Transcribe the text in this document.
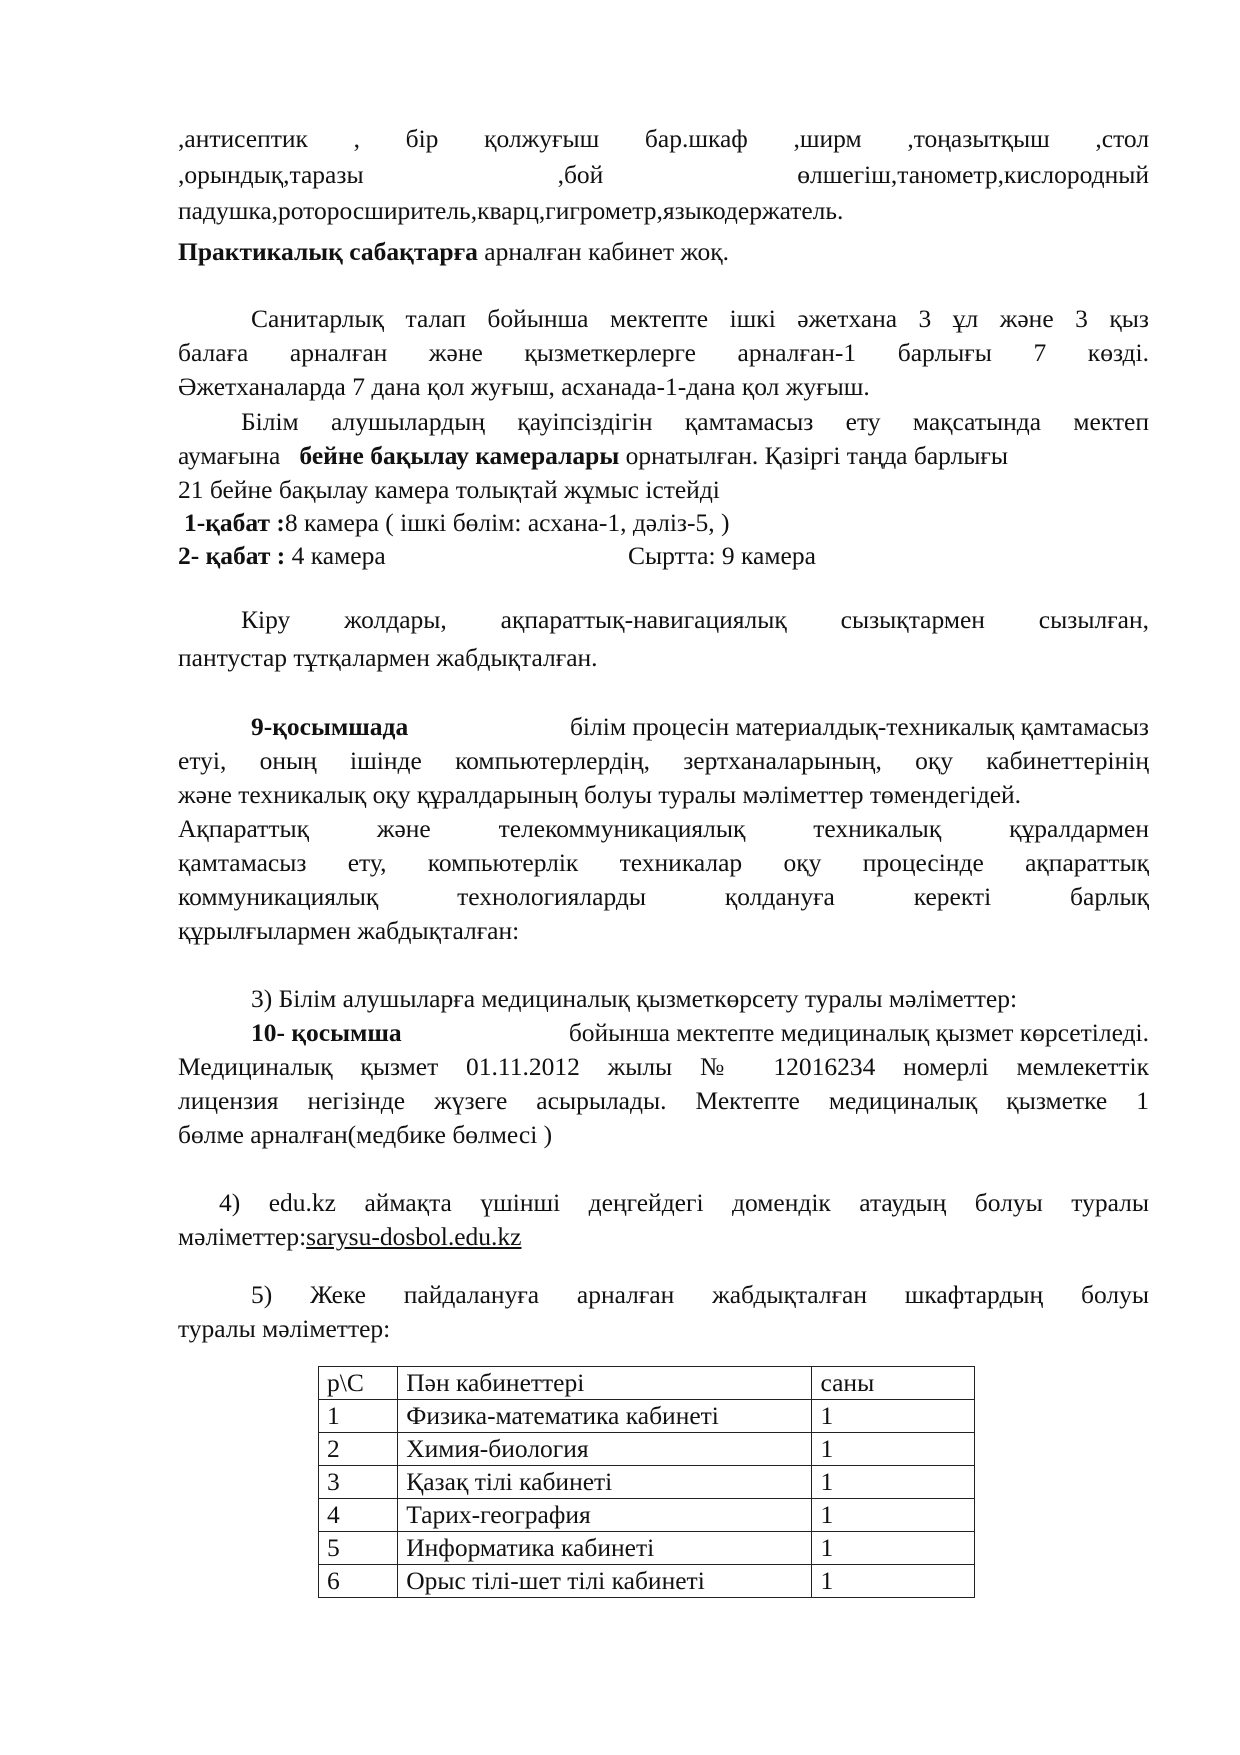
,антисептик , бір қолжуғыш бар.шкаф ,ширм ,тоңазытқыш ,стол
,орындық,таразы	,бой	өлшегіш,танометр,кислородный
падушка,роторосширитель,кварц,гигрометр,языкодержатель.
Практикалық сабақтарға арналған кабинет жоқ.
Санитарлық талап бойынша мектепте ішкі әжетхана 3 ұл және 3 қыз
балаға арналған және қызметкерлерге арналған-1 барлығы 7 көзді.
Әжетханаларда 7 дана қол жуғыш, асханада-1-дана қол жуғыш.
Білім алушылардың қауіпсіздігін қамтамасыз ету мақсатында мектеп
аумағына бейне бақылау камералары орнатылған. Қазіргі таңда барлығы
21 бейне бақылау камера толықтай жұмыс істейді
1-қабат :8 камера ( ішкі бөлім: асхана-1, дәліз-5, )
2- қабат : 4 камера	Сыртта: 9 камера
Кіру жолдары, ақпараттық-навигациялық сызықтармен сызылған,
пантустар тұтқалармен жабдықталған.
9-қосымшада	білім процесін материалдық-техникалық қамтамасыз
етуі, оның ішінде компьютерлердің, зертханаларының, оқу кабинеттерінің
және техникалық оқу құралдарының болуы туралы мәліметтер төмендегідей.
Ақпараттық және телекоммуникациялық техникалық құралдармен
қамтамасыз ету, компьютерлік техникалар оқу процесінде ақпараттық
коммуникациялық технологияларды қолдануға керекті барлық
құрылғылармен жабдықталған:
3) Білім алушыларға медициналық қызметкөрсету туралы мәліметтер:
10- қосымша	бойынша мектепте медициналық қызмет көрсетіледі.
Медициналық қызмет 01.11.2012 жылы № 12016234 номерлі мемлекеттік
лицензия негізінде жүзеге асырылады. Мектепте медициналық қызметке 1
бөлме арналған(медбике бөлмесі )
4) edu.kz аймақта үшінші деңгейдегі домендік атаудың болуы туралы
мәліметтер:sarysu-dosbol.edu.kz
5) Жеке пайдалануға арналған жабдықталған шкафтардың болуы
туралы мәліметтер:
р\С	Пән кабинеттері	саны
1	Физика-математика кабинеті	1
2	Химия-биология	1
3	Қазақ тілі кабинеті	1
4	Тарих-география	1
5	Информатика кабинеті	1
6	Орыс тілі-шет тілі кабинеті	1
